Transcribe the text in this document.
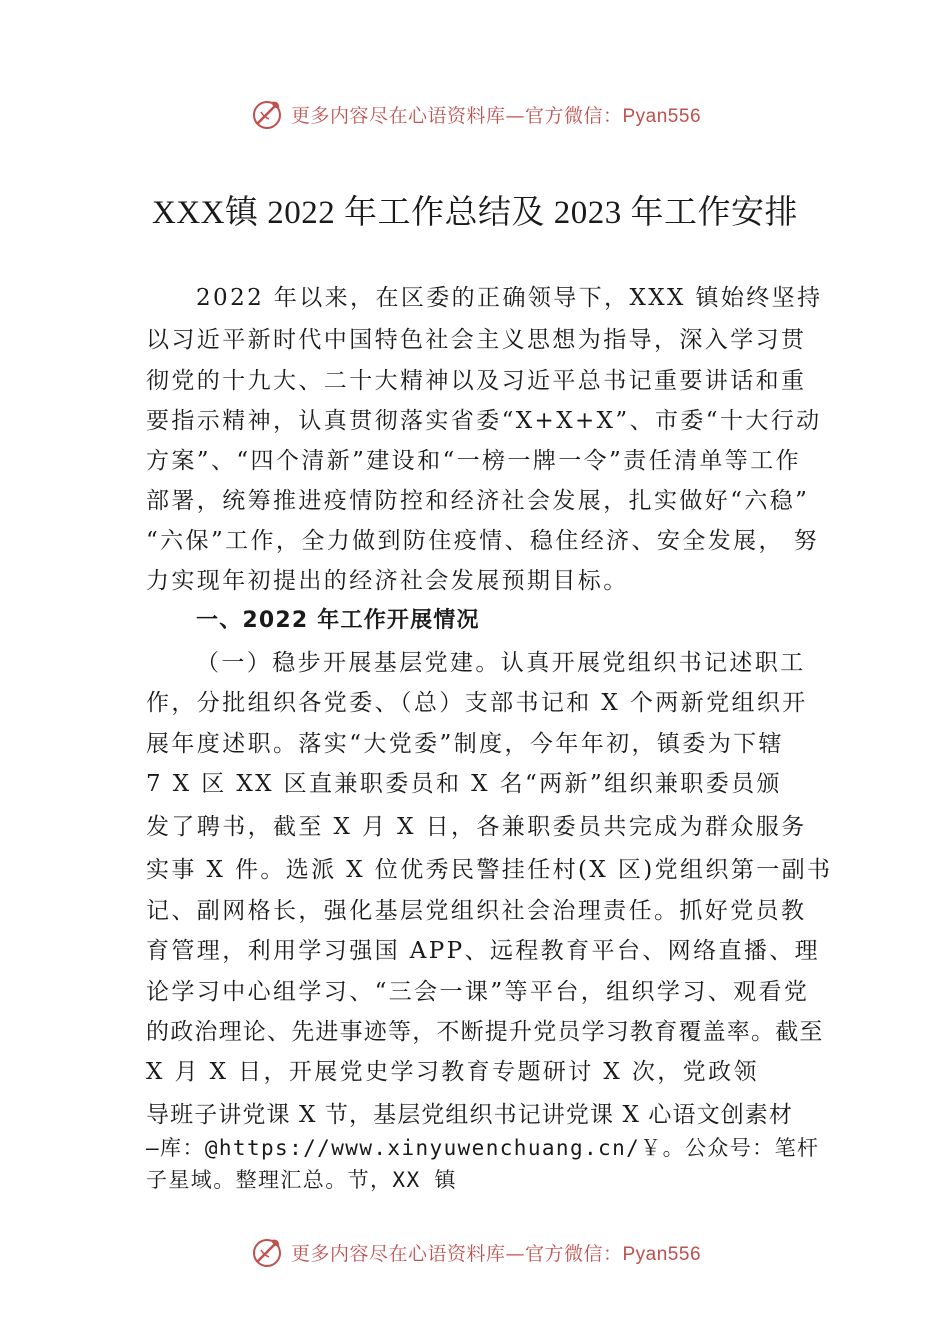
更多内容尽在心语资料库—官方微信：Pyan556
XXX镇 2022 年工作总结及 2023 年工作安排
2022 年以来，在区委的正确领导下，XXX 镇始终坚持
以习近平新时代中国特色社会主义思想为指导，深入学习贯
彻党的十九大、二十大精神以及习近平总书记重要讲话和重
要指示精神，认真贯彻落实省委“X+X+X”、市委“十大行动
方案”、“四个清新”建设和“一榜一牌一令”责任清单等工作
部署，统筹推进疫情防控和经济社会发展，扎实做好“六稳”
“六保”工作，全力做到防住疫情、稳住经济、安全发展， 努
力实现年初提出的经济社会发展预期目标。
一、2022 年工作开展情况
（一）稳步开展基层党建。认真开展党组织书记述职工
作，分批组织各党委、（总）支部书记和 X 个两新党组织开
展年度述职。落实“大党委”制度，今年年初，镇委为下辖
7 X 区 XX 区直兼职委员和 X 名“两新”组织兼职委员颁
发了聘书，截至 X 月 X 日，各兼职委员共完成为群众服务
实事 X 件。选派 X 位优秀民警挂任村(X 区)党组织第一副书
记、副网格长，强化基层党组织社会治理责任。抓好党员教
育管理，利用学习强国 APP、远程教育平台、网络直播、理
论学习中心组学习、“三会一课”等平台，组织学习、观看党
的政治理论、先进事迹等，不断提升党员学习教育覆盖率。截至
X 月 X 日，开展党史学习教育专题研讨 X 次，党政领
导班子讲党课 X 节，基层党组织书记讲党课 X 心语文创素材
—库：@https://www.xinyuwenchuang.cn/￥。公众号：笔杆
子星域。整理汇总。节，XX 镇
更多内容尽在心语资料库—官方微信：Pyan556
